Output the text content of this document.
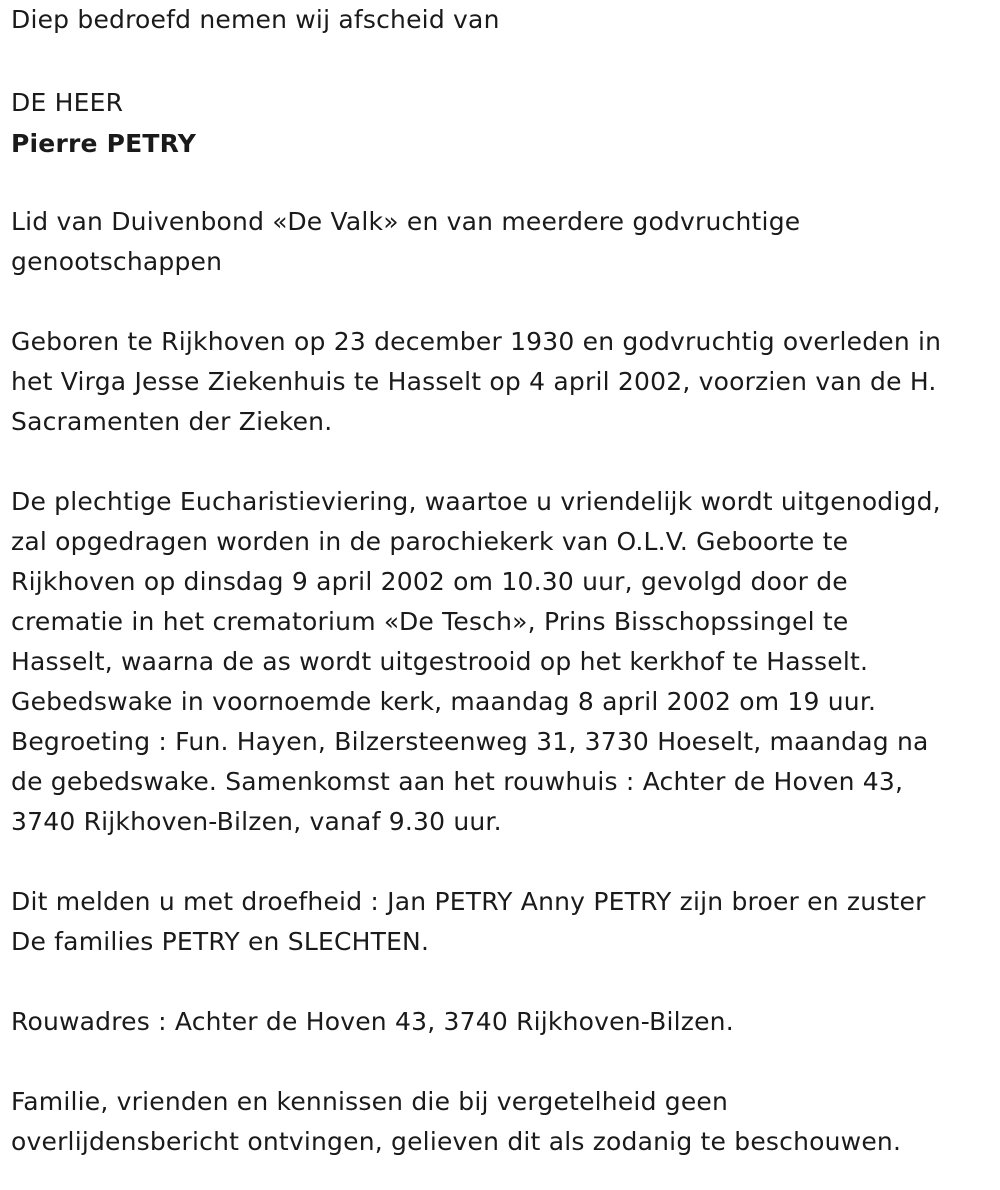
Diep bedroefd nemen wij afscheid van
DE HEER
Pierre PETRY
Lid van Duivenbond «De Valk» en van meerdere godvruchtige
genootschappen
Geboren te Rijkhoven op 23 december 1930 en godvruchtig overleden in
het Virga Jesse Ziekenhuis te Hasselt op 4 april 2002, voorzien van de H.
Sacramenten der Zieken.
De plechtige Eucharistieviering, waartoe u vriendelijk wordt uitgenodigd,
zal opgedragen worden in de parochiekerk van O.L.V. Geboorte te
Rijkhoven op dinsdag 9 april 2002 om 10.30 uur, gevolgd door de
crematie in het crematorium «De Tesch», Prins Bisschopssingel te
Hasselt, waarna de as wordt uitgestrooid op het kerkhof te Hasselt.
Gebedswake in voornoemde kerk, maandag 8 april 2002 om 19 uur.
Begroeting : Fun. Hayen, Bilzersteenweg 31, 3730 Hoeselt, maandag na
de gebedswake. Samenkomst aan het rouwhuis : Achter de Hoven 43,
3740 Rijkhoven-Bilzen, vanaf 9.30 uur.
Dit melden u met droefheid : Jan PETRY Anny PETRY zijn broer en zuster
De families PETRY en SLECHTEN.
Rouwadres : Achter de Hoven 43, 3740 Rijkhoven-Bilzen.
Familie, vrienden en kennissen die bij vergetelheid geen
overlijdensbericht ontvingen, gelieven dit als zodanig te beschouwen.
